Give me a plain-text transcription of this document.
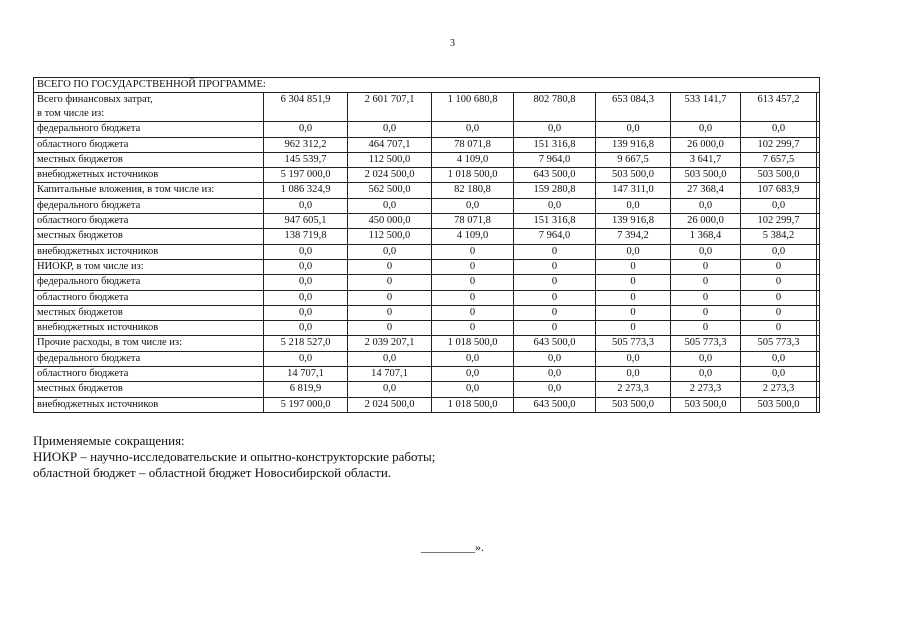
3
ВСЕГО ПО ГОСУДАРСТВЕННОЙ ПРОГРАММЕ:								

Всего финансовых затрат,
в том числе из:	6 304 851,9	2 601 707,1	1 100 680,8	802 780,8	653 084,3	533 141,7	613 457,2	
федерального бюджета	0,0	0,0	0,0	0,0	0,0	0,0	0,0	
областного бюджета	962 312,2	464 707,1	78 071,8	151 316,8	139 916,8	26 000,0	102 299,7	
местных бюджетов	145 539,7	112 500,0	4 109,0	7 964,0	9 667,5	3 641,7	7 657,5	
внебюджетных источников	5 197 000,0	2 024 500,0	1 018 500,0	643 500,0	503 500,0	503 500,0	503 500,0	
Капитальные вложения, в том числе из:	1 086 324,9	562 500,0	82 180,8	159 280,8	147 311,0	27 368,4	107 683,9	
федерального бюджета	0,0	0,0	0,0	0,0	0,0	0,0	0,0	
областного бюджета	947 605,1	450 000,0	78 071,8	151 316,8	139 916,8	26 000,0	102 299,7	
местных бюджетов	138 719,8	112 500,0	4 109,0	7 964,0	7 394,2	1 368,4	5 384,2	
внебюджетных источников	0,0	0,0	0	0	0,0	0,0	0,0	
НИОКР, в том числе из:	0,0	0	0	0	0	0	0	
федерального бюджета	0,0	0	0	0	0	0	0	
областного бюджета	0,0	0	0	0	0	0	0	
местных бюджетов	0,0	0	0	0	0	0	0	
внебюджетных источников	0,0	0	0	0	0	0	0	
Прочие расходы, в том числе из:	5 218 527,0	2 039 207,1	1 018 500,0	643 500,0	505 773,3	505 773,3	505 773,3	
федерального бюджета	0,0	0,0	0,0	0,0	0,0	0,0	0,0	
областного бюджета	14 707,1	14 707,1	0,0	0,0	0,0	0,0	0,0	
местных бюджетов	6 819,9	0,0	0,0	0,0	2 273,3	2 273,3	2 273,3	
внебюджетных источников	5 197 000,0	2 024 500,0	1 018 500,0	643 500,0	503 500,0	503 500,0	503 500,0	
Применяемые сокращения:
НИОКР – научно-исследовательские и опытно-конструкторские работы;
областной бюджет – областной бюджет Новосибирской области.
_________».
